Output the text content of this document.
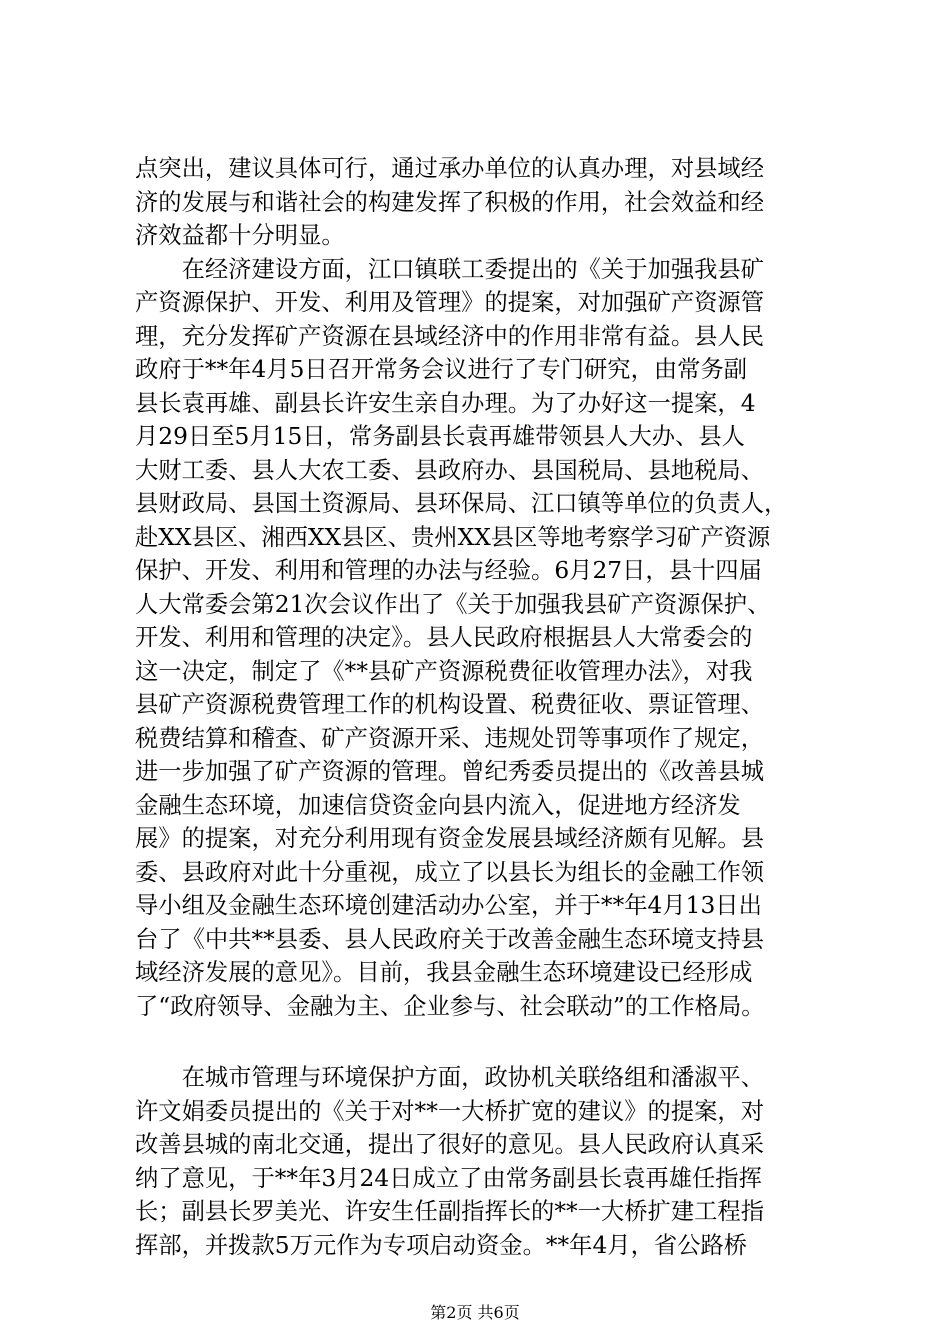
点突出，建议具体可行，通过承办单位的认真办理，对县域经
济的发展与和谐社会的构建发挥了积极的作用，社会效益和经
济效益都十分明显。
　　在经济建设方面，江口镇联工委提出的《关于加强我县矿
产资源保护、开发、利用及管理》的提案，对加强矿产资源管
理，充分发挥矿产资源在县域经济中的作用非常有益。县人民
政府于**年4月5日召开常务会议进行了专门研究，由常务副
县长袁再雄、副县长许安生亲自办理。为了办好这一提案，4
月29日至5月15日，常务副县长袁再雄带领县人大办、县人
大财工委、县人大农工委、县政府办、县国税局、县地税局、
县财政局、县国土资源局、县环保局、江口镇等单位的负责人，
赴XX县区、湘西XX县区、贵州XX县区等地考察学习矿产资源
保护、开发、利用和管理的办法与经验。6月27日，县十四届
人大常委会第21次会议作出了《关于加强我县矿产资源保护、
开发、利用和管理的决定》。县人民政府根据县人大常委会的
这一决定，制定了《**县矿产资源税费征收管理办法》，对我
县矿产资源税费管理工作的机构设置、税费征收、票证管理、
税费结算和稽查、矿产资源开采、违规处罚等事项作了规定，
进一步加强了矿产资源的管理。曾纪秀委员提出的《改善县城
金融生态环境，加速信贷资金向县内流入，促进地方经济发
展》的提案，对充分利用现有资金发展县域经济颇有见解。县
委、县政府对此十分重视，成立了以县长为组长的金融工作领
导小组及金融生态环境创建活动办公室，并于**年4月13日出
台了《中共**县委、县人民政府关于改善金融生态环境支持县
域经济发展的意见》。目前，我县金融生态环境建设已经形成
了“政府领导、金融为主、企业参与、社会联动”的工作格局。
　　在城市管理与环境保护方面，政协机关联络组和潘淑平、
许文娟委员提出的《关于对**一大桥扩宽的建议》的提案，对
改善县城的南北交通，提出了很好的意见。县人民政府认真采
纳了意见，于**年3月24日成立了由常务副县长袁再雄任指挥
长；副县长罗美光、许安生任副指挥长的**一大桥扩建工程指
挥部，并拨款5万元作为专项启动资金。**年4月，省公路桥
第2页 共6页
